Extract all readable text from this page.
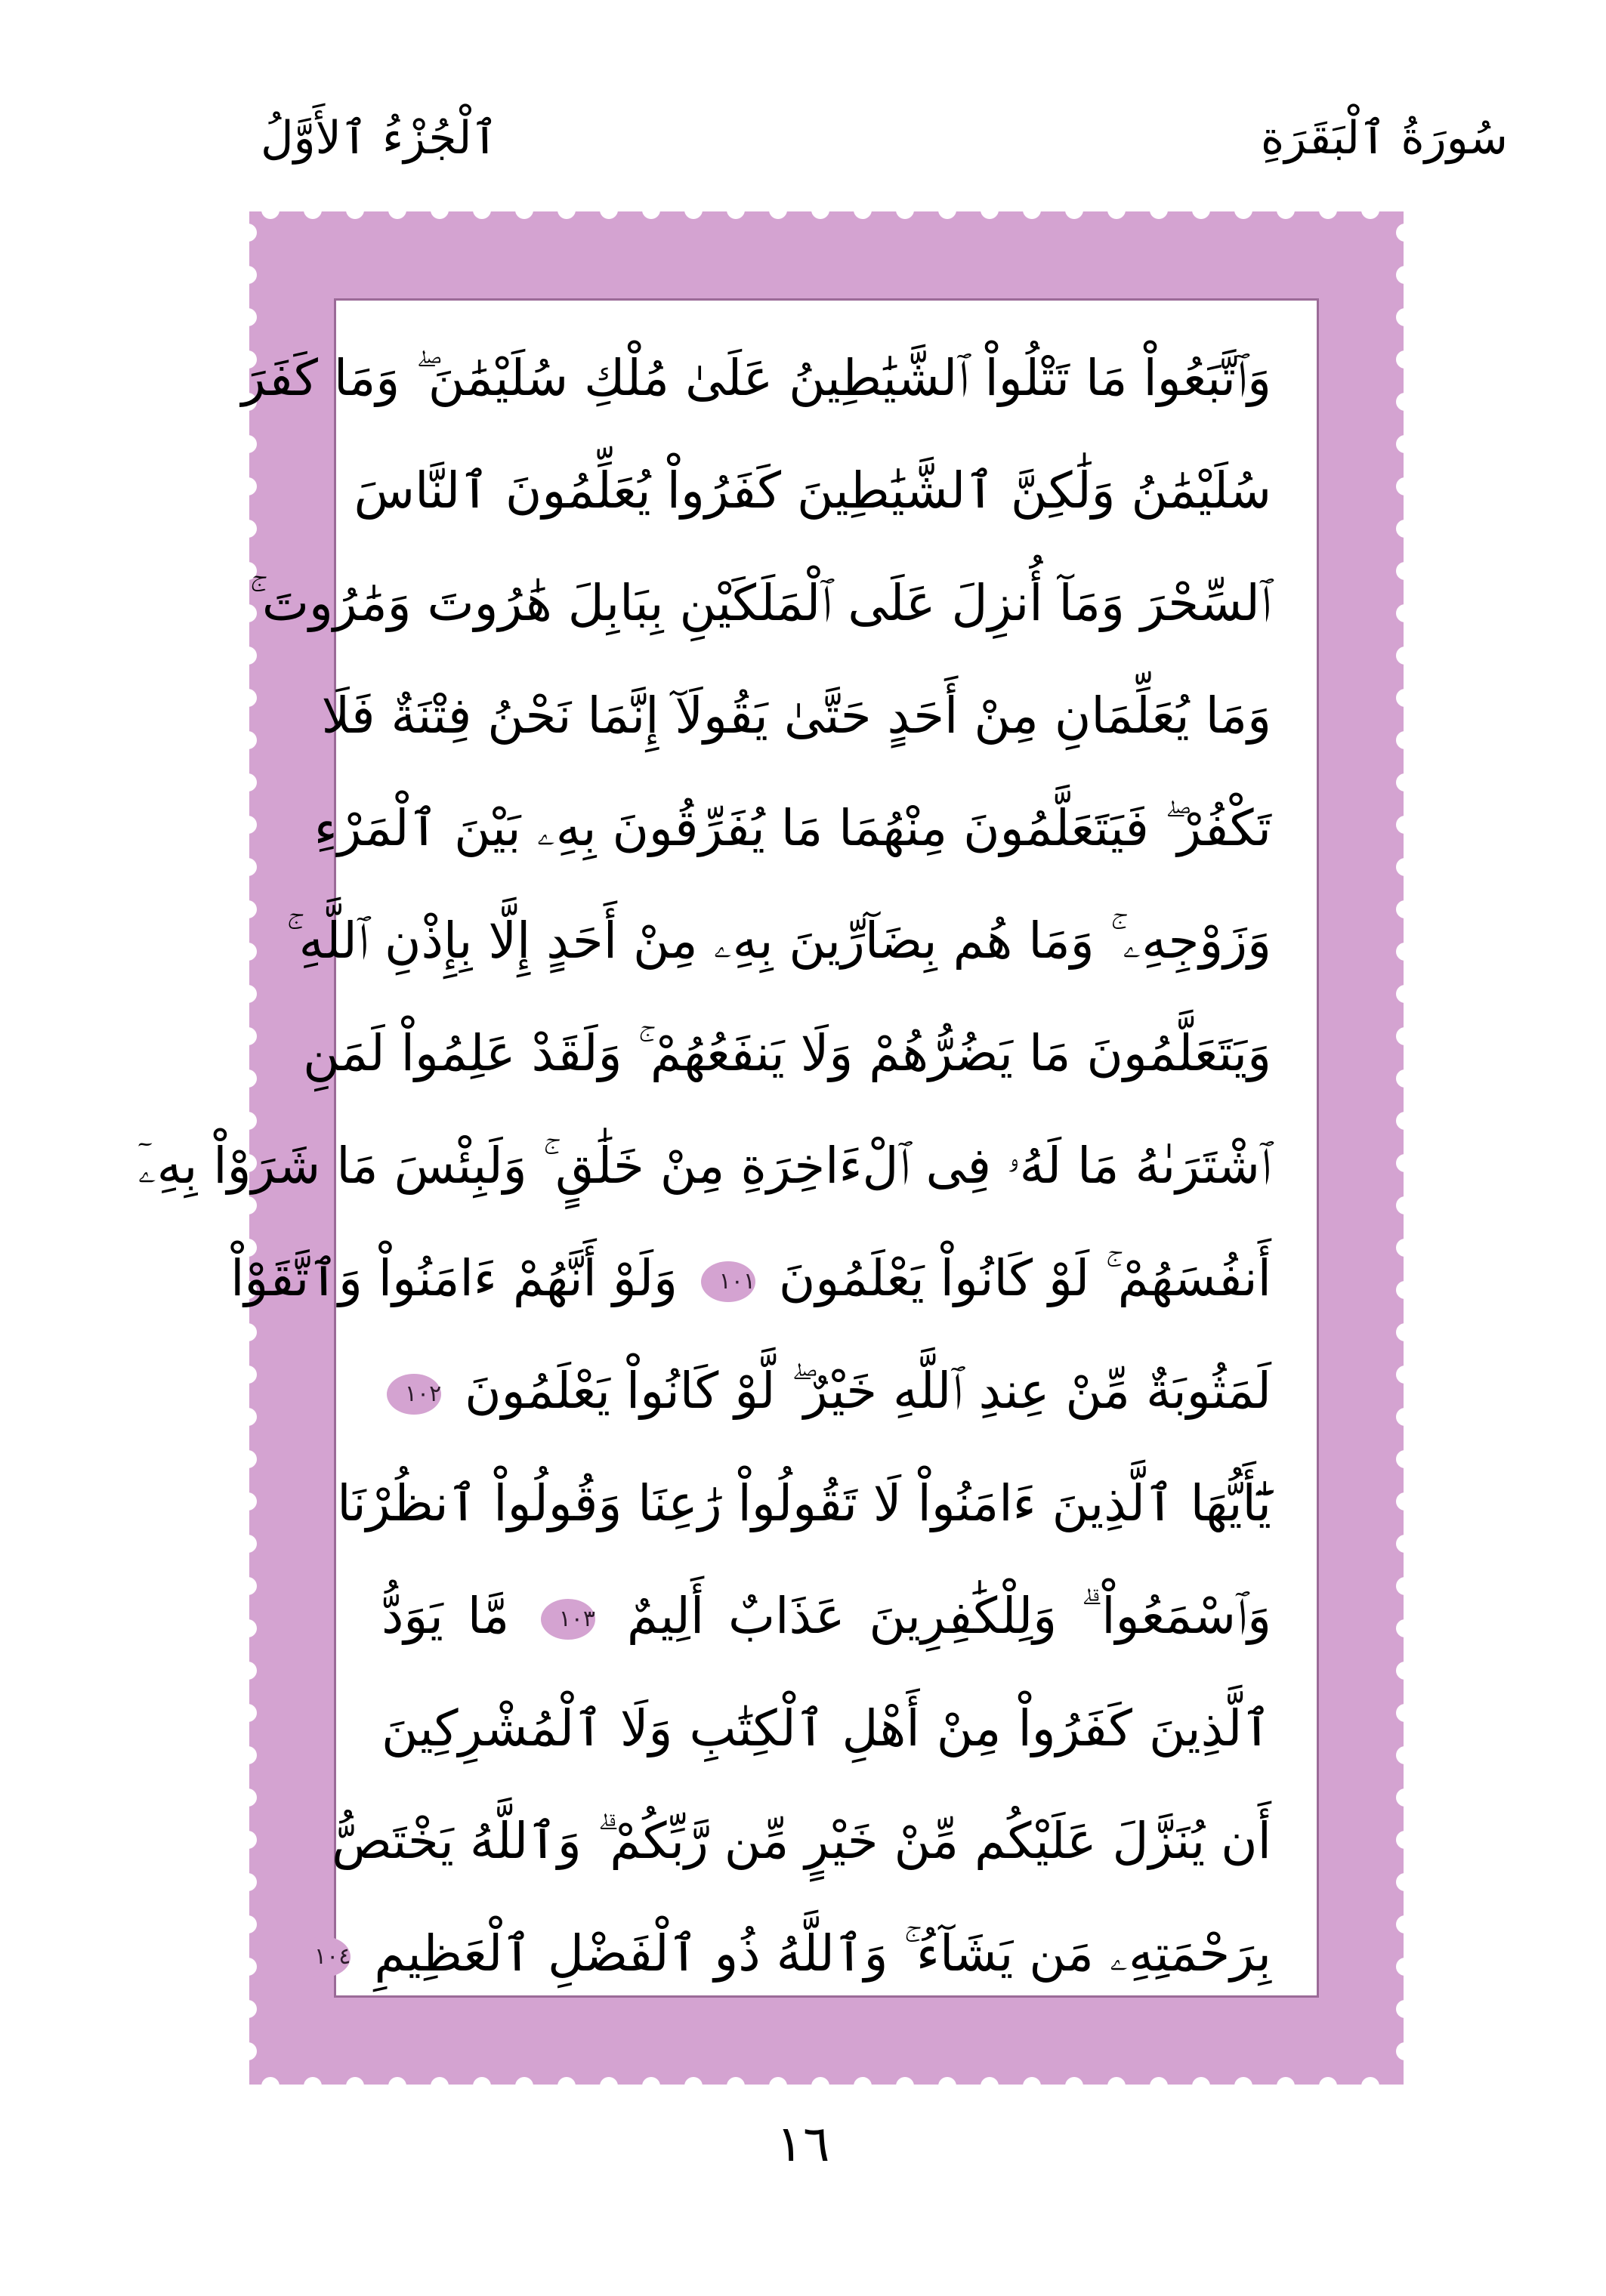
سُورَةُ ٱلْبَقَرَةِ
ٱلْجُزْءُ ٱلأَوَّلُ
وَٱتَّبَعُواْ مَا تَتْلُواْ ٱلشَّيَٰطِينُ عَلَىٰ مُلْكِ سُلَيْمَٰنَ ۖ وَمَا كَفَرَ
سُلَيْمَٰنُ وَلَٰكِنَّ ٱلشَّيَٰطِينَ كَفَرُواْ يُعَلِّمُونَ ٱلنَّاسَ
ٱلسِّحْرَ وَمَآ أُنزِلَ عَلَى ٱلْمَلَكَيْنِ بِبَابِلَ هَٰرُوتَ وَمَٰرُوتَ ۚ
وَمَا يُعَلِّمَانِ مِنْ أَحَدٍ حَتَّىٰ يَقُولَآ إِنَّمَا نَحْنُ فِتْنَةٌ فَلَا
تَكْفُرْ ۖ فَيَتَعَلَّمُونَ مِنْهُمَا مَا يُفَرِّقُونَ بِهِۦ بَيْنَ ٱلْمَرْءِ
وَزَوْجِهِۦ ۚ وَمَا هُم بِضَآرِّينَ بِهِۦ مِنْ أَحَدٍ إِلَّا بِإِذْنِ ٱللَّهِ ۚ
وَيَتَعَلَّمُونَ مَا يَضُرُّهُمْ وَلَا يَنفَعُهُمْ ۚ وَلَقَدْ عَلِمُواْ لَمَنِ
ٱشْتَرَىٰهُ مَا لَهُۥ فِى ٱلْءَاخِرَةِ مِنْ خَلَٰقٍ ۚ وَلَبِئْسَ مَا شَرَوْاْ بِهِۦٓ
أَنفُسَهُمْ ۚ لَوْ كَانُواْ يَعْلَمُونَ ١٠١ وَلَوْ أَنَّهُمْ ءَامَنُواْ وَٱتَّقَوْاْ
لَمَثُوبَةٌ مِّنْ عِندِ ٱللَّهِ خَيْرٌ ۖ لَّوْ كَانُواْ يَعْلَمُونَ ١٠٢
يَٰٓأَيُّهَا ٱلَّذِينَ ءَامَنُواْ لَا تَقُولُواْ رَٰعِنَا وَقُولُواْ ٱنظُرْنَا
وَٱسْمَعُواْ ۗ وَلِلْكَٰفِرِينَ عَذَابٌ أَلِيمٌ ١٠٣ مَّا يَوَدُّ
ٱلَّذِينَ كَفَرُواْ مِنْ أَهْلِ ٱلْكِتَٰبِ وَلَا ٱلْمُشْرِكِينَ
أَن يُنَزَّلَ عَلَيْكُم مِّنْ خَيْرٍ مِّن رَّبِّكُمْ ۗ وَٱللَّهُ يَخْتَصُّ
بِرَحْمَتِهِۦ مَن يَشَآءُ ۚ وَٱللَّهُ ذُو ٱلْفَضْلِ ٱلْعَظِيمِ ١٠٤
١٦
